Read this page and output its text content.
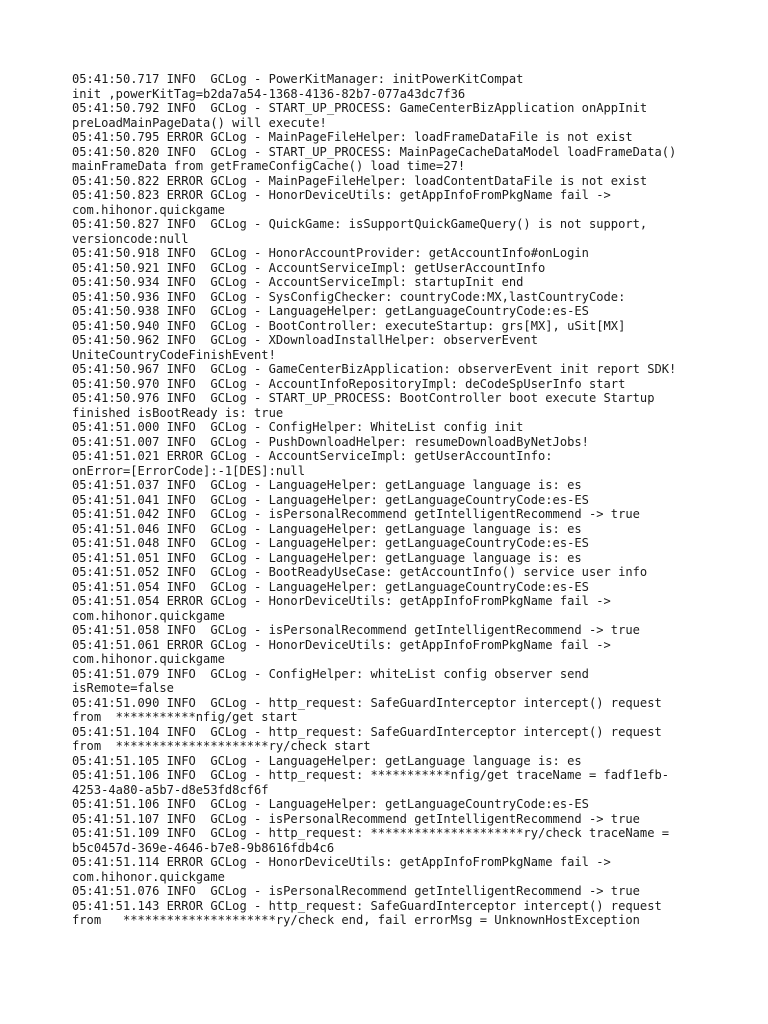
05:41:50.717 INFO  GCLog - PowerKitManager: initPowerKitCompat
init ,powerKitTag=b2da7a54-1368-4136-82b7-077a43dc7f36
05:41:50.792 INFO  GCLog - START_UP_PROCESS: GameCenterBizApplication onAppInit
preLoadMainPageData() will execute!
05:41:50.795 ERROR GCLog - MainPageFileHelper: loadFrameDataFile is not exist
05:41:50.820 INFO  GCLog - START_UP_PROCESS: MainPageCacheDataModel loadFrameData()
mainFrameData from getFrameConfigCache() load time=27!
05:41:50.822 ERROR GCLog - MainPageFileHelper: loadContentDataFile is not exist
05:41:50.823 ERROR GCLog - HonorDeviceUtils: getAppInfoFromPkgName fail ->
com.hihonor.quickgame
05:41:50.827 INFO  GCLog - QuickGame: isSupportQuickGameQuery() is not support,
versioncode:null
05:41:50.918 INFO  GCLog - HonorAccountProvider: getAccountInfo#onLogin
05:41:50.921 INFO  GCLog - AccountServiceImpl: getUserAccountInfo
05:41:50.934 INFO  GCLog - AccountServiceImpl: startupInit end
05:41:50.936 INFO  GCLog - SysConfigChecker: countryCode:MX,lastCountryCode:
05:41:50.938 INFO  GCLog - LanguageHelper: getLanguageCountryCode:es-ES
05:41:50.940 INFO  GCLog - BootController: executeStartup: grs[MX], uSit[MX]
05:41:50.962 INFO  GCLog - XDownloadInstallHelper: observerEvent
UniteCountryCodeFinishEvent!
05:41:50.967 INFO  GCLog - GameCenterBizApplication: observerEvent init report SDK!
05:41:50.970 INFO  GCLog - AccountInfoRepositoryImpl: deCodeSpUserInfo start
05:41:50.976 INFO  GCLog - START_UP_PROCESS: BootController boot execute Startup
finished isBootReady is: true
05:41:51.000 INFO  GCLog - ConfigHelper: WhiteList config init
05:41:51.007 INFO  GCLog - PushDownloadHelper: resumeDownloadByNetJobs!
05:41:51.021 ERROR GCLog - AccountServiceImpl: getUserAccountInfo:
onError=[ErrorCode]:-1[DES]:null
05:41:51.037 INFO  GCLog - LanguageHelper: getLanguage language is: es
05:41:51.041 INFO  GCLog - LanguageHelper: getLanguageCountryCode:es-ES
05:41:51.042 INFO  GCLog - isPersonalRecommend getIntelligentRecommend -> true
05:41:51.046 INFO  GCLog - LanguageHelper: getLanguage language is: es
05:41:51.048 INFO  GCLog - LanguageHelper: getLanguageCountryCode:es-ES
05:41:51.051 INFO  GCLog - LanguageHelper: getLanguage language is: es
05:41:51.052 INFO  GCLog - BootReadyUseCase: getAccountInfo() service user info
05:41:51.054 INFO  GCLog - LanguageHelper: getLanguageCountryCode:es-ES
05:41:51.054 ERROR GCLog - HonorDeviceUtils: getAppInfoFromPkgName fail ->
com.hihonor.quickgame
05:41:51.058 INFO  GCLog - isPersonalRecommend getIntelligentRecommend -> true
05:41:51.061 ERROR GCLog - HonorDeviceUtils: getAppInfoFromPkgName fail ->
com.hihonor.quickgame
05:41:51.079 INFO  GCLog - ConfigHelper: whiteList config observer send
isRemote=false
05:41:51.090 INFO  GCLog - http_request: SafeGuardInterceptor intercept() request
from  ***********nfig/get start
05:41:51.104 INFO  GCLog - http_request: SafeGuardInterceptor intercept() request
from  *********************ry/check start
05:41:51.105 INFO  GCLog - LanguageHelper: getLanguage language is: es
05:41:51.106 INFO  GCLog - http_request: ***********nfig/get traceName = fadf1efb-
4253-4a80-a5b7-d8e53fd8cf6f
05:41:51.106 INFO  GCLog - LanguageHelper: getLanguageCountryCode:es-ES
05:41:51.107 INFO  GCLog - isPersonalRecommend getIntelligentRecommend -> true
05:41:51.109 INFO  GCLog - http_request: *********************ry/check traceName =
b5c0457d-369e-4646-b7e8-9b8616fdb4c6
05:41:51.114 ERROR GCLog - HonorDeviceUtils: getAppInfoFromPkgName fail ->
com.hihonor.quickgame
05:41:51.076 INFO  GCLog - isPersonalRecommend getIntelligentRecommend -> true
05:41:51.143 ERROR GCLog - http_request: SafeGuardInterceptor intercept() request
from   *********************ry/check end, fail errorMsg = UnknownHostException
